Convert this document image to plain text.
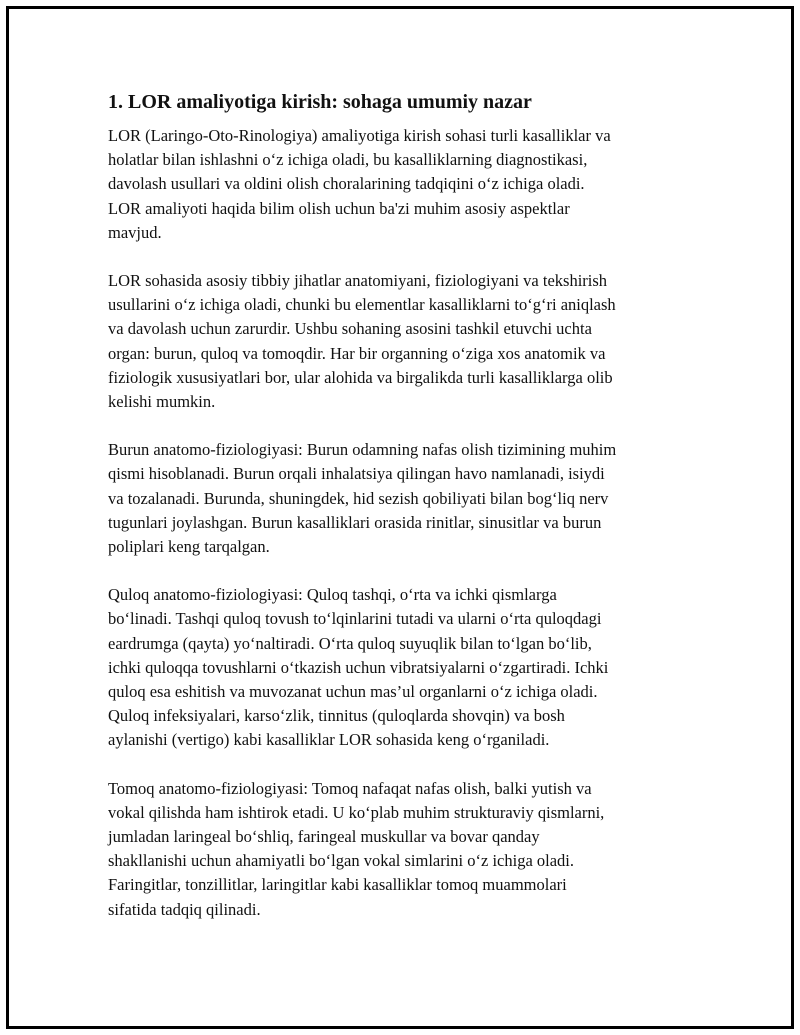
1. LOR amaliyotiga kirish: sohaga umumiy nazar

LOR (Laringo-Oto-Rinologiya) amaliyotiga kirish sohasi turli kasalliklar va
holatlar bilan ishlashni o‘z ichiga oladi, bu kasalliklarning diagnostikasi,
davolash usullari va oldini olish choralarining tadqiqini o‘z ichiga oladi.
LOR amaliyoti haqida bilim olish uchun ba'zi muhim asosiy aspektlar
mavjud.

LOR sohasida asosiy tibbiy jihatlar anatomiyani, fiziologiyani va tekshirish
usullarini o‘z ichiga oladi, chunki bu elementlar kasalliklarni to‘g‘ri aniqlash
va davolash uchun zarurdir. Ushbu sohaning asosini tashkil etuvchi uchta
organ: burun, quloq va tomoqdir. Har bir organning o‘ziga xos anatomik va
fiziologik xususiyatlari bor, ular alohida va birgalikda turli kasalliklarga olib
kelishi mumkin.

Burun anatomo-fiziologiyasi: Burun odamning nafas olish tizimining muhim
qismi hisoblanadi. Burun orqali inhalatsiya qilingan havo namlanadi, isiydi
va tozalanadi. Burunda, shuningdek, hid sezish qobiliyati bilan bog‘liq nerv
tugunlari joylashgan. Burun kasalliklari orasida rinitlar, sinusitlar va burun
poliplari keng tarqalgan.

Quloq anatomo-fiziologiyasi: Quloq tashqi, o‘rta va ichki qismlarga
bo‘linadi. Tashqi quloq tovush to‘lqinlarini tutadi va ularni o‘rta quloqdagi
eardrumga (qayta) yo‘naltiradi. O‘rta quloq suyuqlik bilan to‘lgan bo‘lib,
ichki quloqqa tovushlarni o‘tkazish uchun vibratsiyalarni o‘zgartiradi. Ichki
quloq esa eshitish va muvozanat uchun mas’ul organlarni o‘z ichiga oladi.
Quloq infeksiyalari, karso‘zlik, tinnitus (quloqlarda shovqin) va bosh
aylanishi (vertigo) kabi kasalliklar LOR sohasida keng o‘rganiladi.

Tomoq anatomo-fiziologiyasi: Tomoq nafaqat nafas olish, balki yutish va
vokal qilishda ham ishtirok etadi. U ko‘plab muhim strukturaviy qismlarni,
jumladan laringeal bo‘shliq, faringeal muskullar va bovar qanday
shakllanishi uchun ahamiyatli bo‘lgan vokal simlarini o‘z ichiga oladi.
Faringitlar, tonzillitlar, laringitlar kabi kasalliklar tomoq muammolari
sifatida tadqiq qilinadi.
